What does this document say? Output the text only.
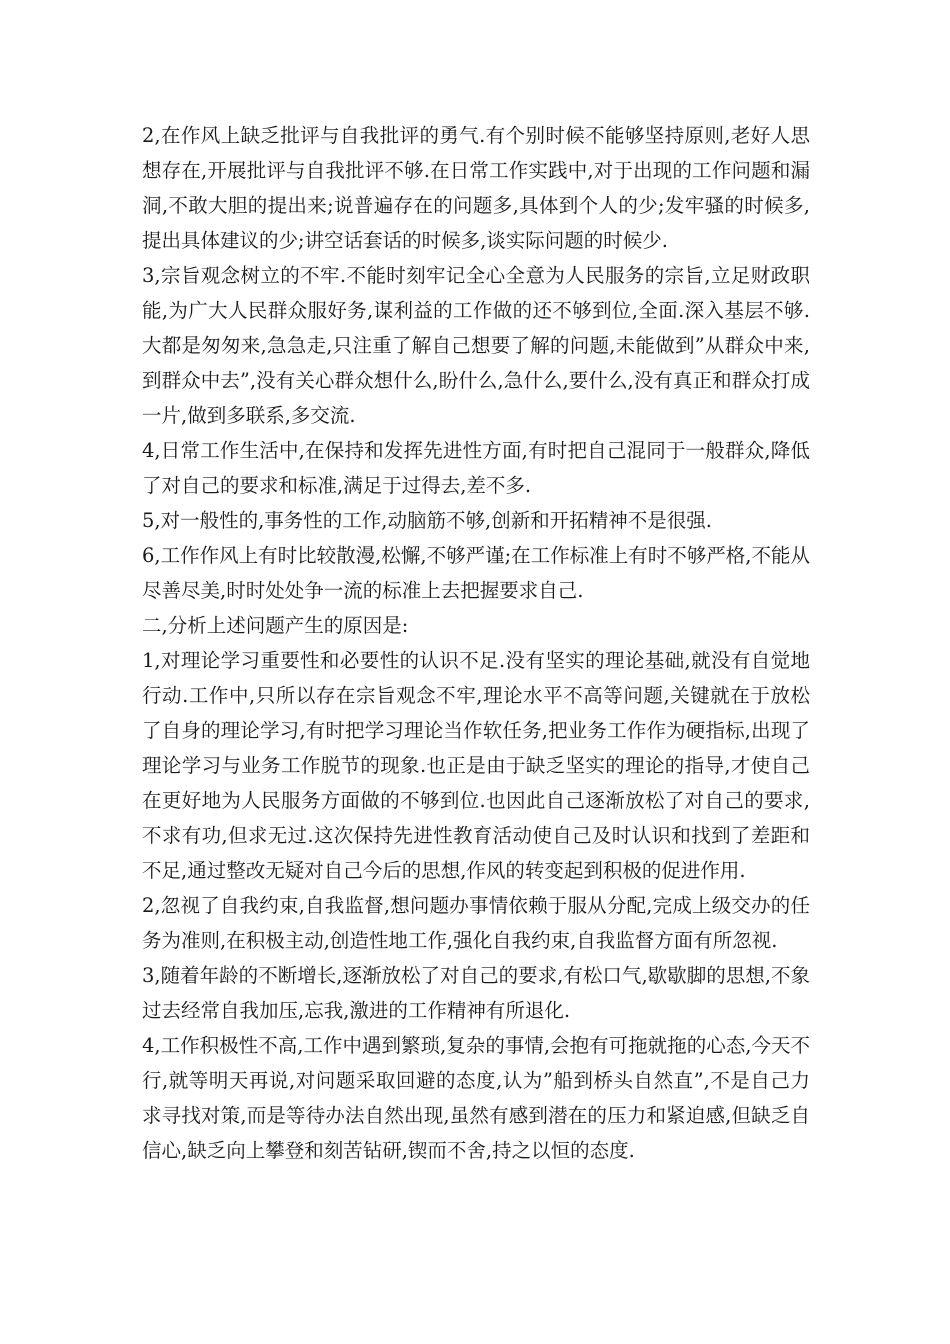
2,在作风上缺乏批评与自我批评的勇气.有个别时候不能够坚持原则,老好人思想存在,开展批评与自我批评不够.在日常工作实践中,对于出现的工作问题和漏洞,不敢大胆的提出来;说普遍存在的问题多,具体到个人的少;发牢骚的时候多,提出具体建议的少;讲空话套话的时候多,谈实际问题的时候少.

3,宗旨观念树立的不牢.不能时刻牢记全心全意为人民服务的宗旨,立足财政职能,为广大人民群众服好务,谋利益的工作做的还不够到位,全面.深入基层不够.大都是匆匆来,急急走,只注重了解自己想要了解的问题,未能做到”从群众中来,到群众中去”,没有关心群众想什么,盼什么,急什么,要什么,没有真正和群众打成一片,做到多联系,多交流.

4,日常工作生活中,在保持和发挥先进性方面,有时把自己混同于一般群众,降低了对自己的要求和标准,满足于过得去,差不多.

5,对一般性的,事务性的工作,动脑筋不够,创新和开拓精神不是很强.

6,工作作风上有时比较散漫,松懈,不够严谨;在工作标准上有时不够严格,不能从尽善尽美,时时处处争一流的标准上去把握要求自己.

二,分析上述问题产生的原因是:

1,对理论学习重要性和必要性的认识不足.没有坚实的理论基础,就没有自觉地行动.工作中,只所以存在宗旨观念不牢,理论水平不高等问题,关键就在于放松了自身的理论学习,有时把学习理论当作软任务,把业务工作作为硬指标,出现了理论学习与业务工作脱节的现象.也正是由于缺乏坚实的理论的指导,才使自己在更好地为人民服务方面做的不够到位.也因此自己逐渐放松了对自己的要求,不求有功,但求无过.这次保持先进性教育活动使自己及时认识和找到了差距和不足,通过整改无疑对自己今后的思想,作风的转变起到积极的促进作用.

2,忽视了自我约束,自我监督,想问题办事情依赖于服从分配,完成上级交办的任务为准则,在积极主动,创造性地工作,强化自我约束,自我监督方面有所忽视.

3,随着年龄的不断增长,逐渐放松了对自己的要求,有松口气,歇歇脚的思想,不象过去经常自我加压,忘我,激进的工作精神有所退化.

4,工作积极性不高,工作中遇到繁琐,复杂的事情,会抱有可拖就拖的心态,今天不行,就等明天再说,对问题采取回避的态度,认为”船到桥头自然直”,不是自己力求寻找对策,而是等待办法自然出现,虽然有感到潜在的压力和紧迫感,但缺乏自信心,缺乏向上攀登和刻苦钻研,锲而不舍,持之以恒的态度.
